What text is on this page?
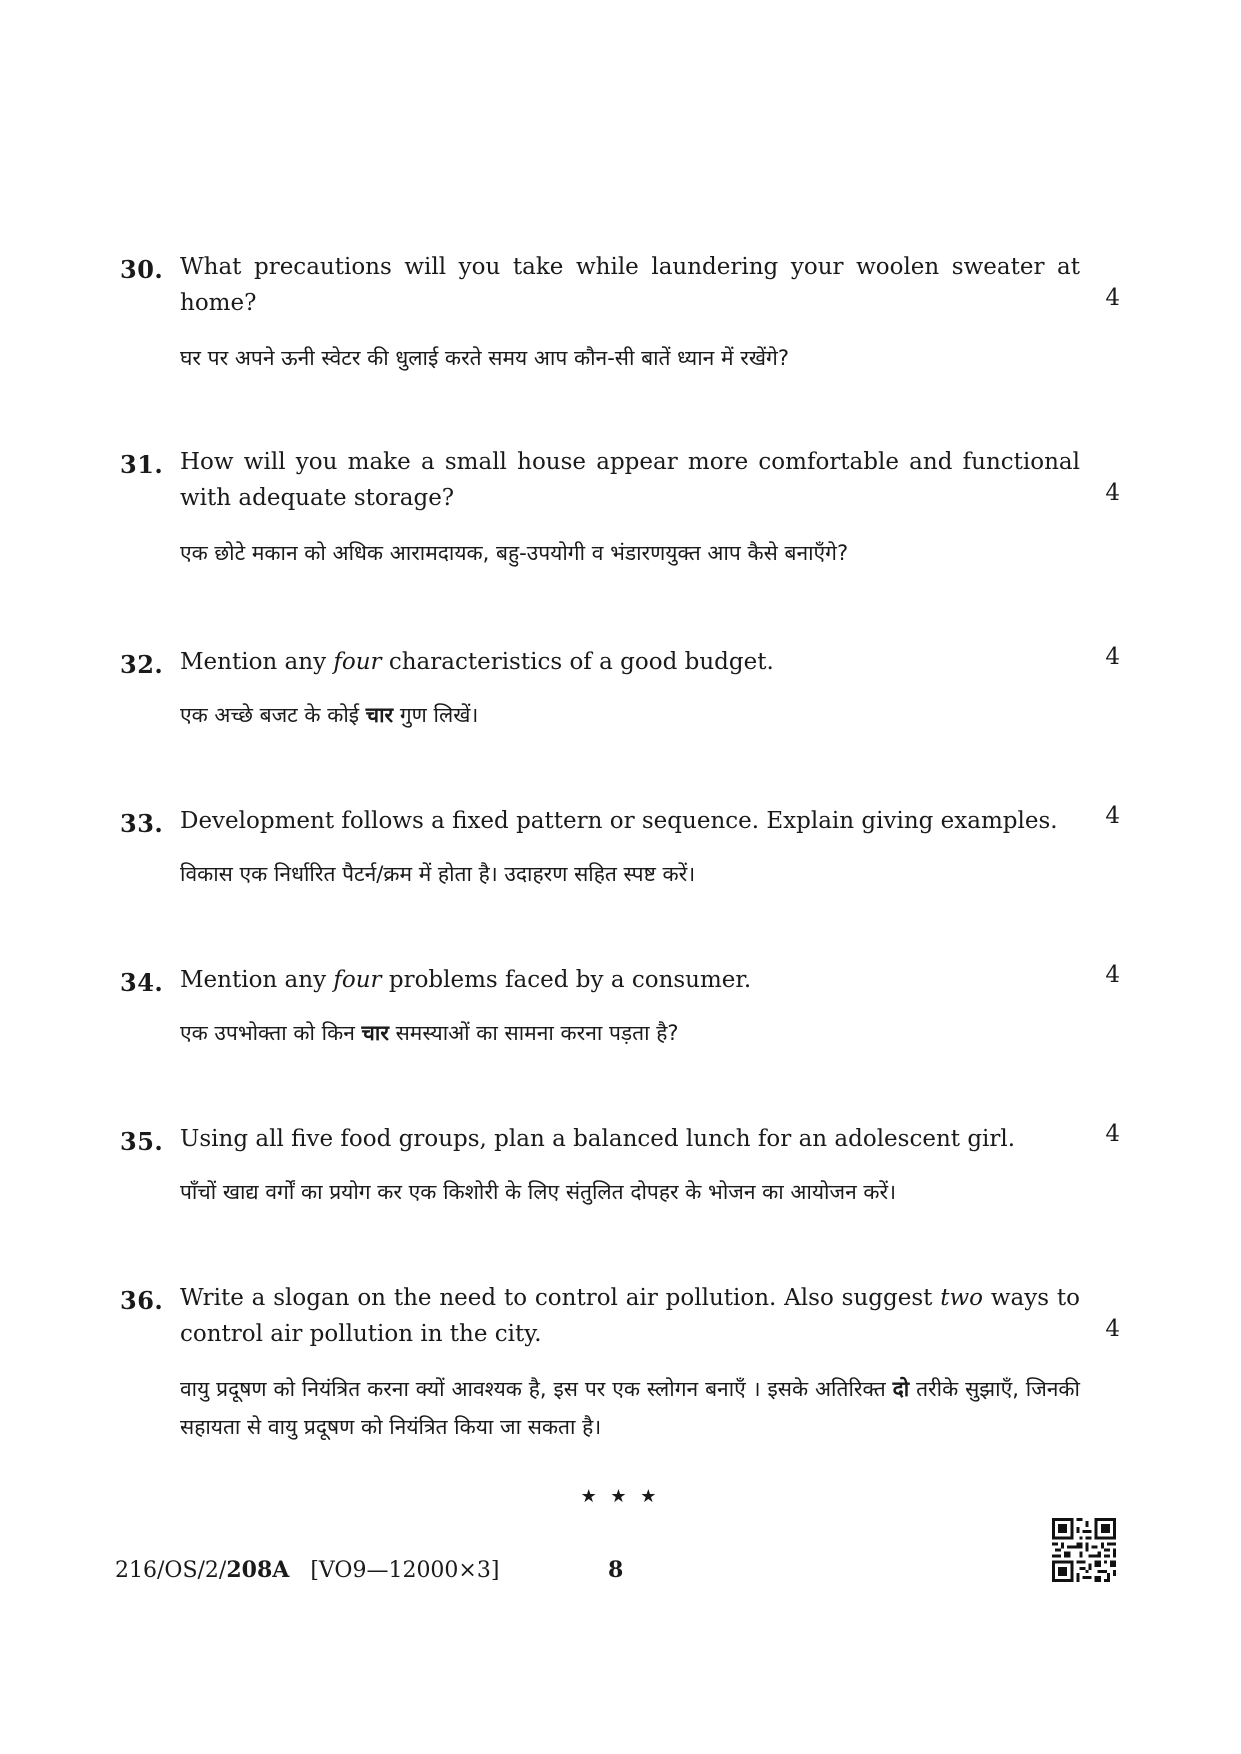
30. What precautions will you take while laundering your woolen sweater at home?	4
घर पर अपने ऊनी स्वेटर की धुलाई करते समय आप कौन-सी बातें ध्यान में रखेंगे?
31. How will you make a small house appear more comfortable and functional with adequate storage?	4
एक छोटे मकान को अधिक आरामदायक, बहु-उपयोगी व भंडारणयुक्त आप कैसे बनाएँगे?
32. Mention any four characteristics of a good budget.	4
एक अच्छे बजट के कोई चार गुण लिखें।
33. Development follows a fixed pattern or sequence. Explain giving examples.	4
विकास एक निर्धारित पैटर्न/क्रम में होता है। उदाहरण सहित स्पष्ट करें।
34. Mention any four problems faced by a consumer.	4
एक उपभोक्ता को किन चार समस्याओं का सामना करना पड़ता है?
35. Using all five food groups, plan a balanced lunch for an adolescent girl.	4
पाँचों खाद्य वर्गों का प्रयोग कर एक किशोरी के लिए संतुलित दोपहर के भोजन का आयोजन करें।
36. Write a slogan on the need to control air pollution. Also suggest two ways to control air pollution in the city.	4
वायु प्रदूषण को नियंत्रित करना क्यों आवश्यक है, इस पर एक स्लोगन बनाएँ । इसके अतिरिक्त दो तरीके सुझाएँ, जिनकी सहायता से वायु प्रदूषण को नियंत्रित किया जा सकता है।
★ ★ ★
216/OS/2/208A [VO9—12000×3]	8
